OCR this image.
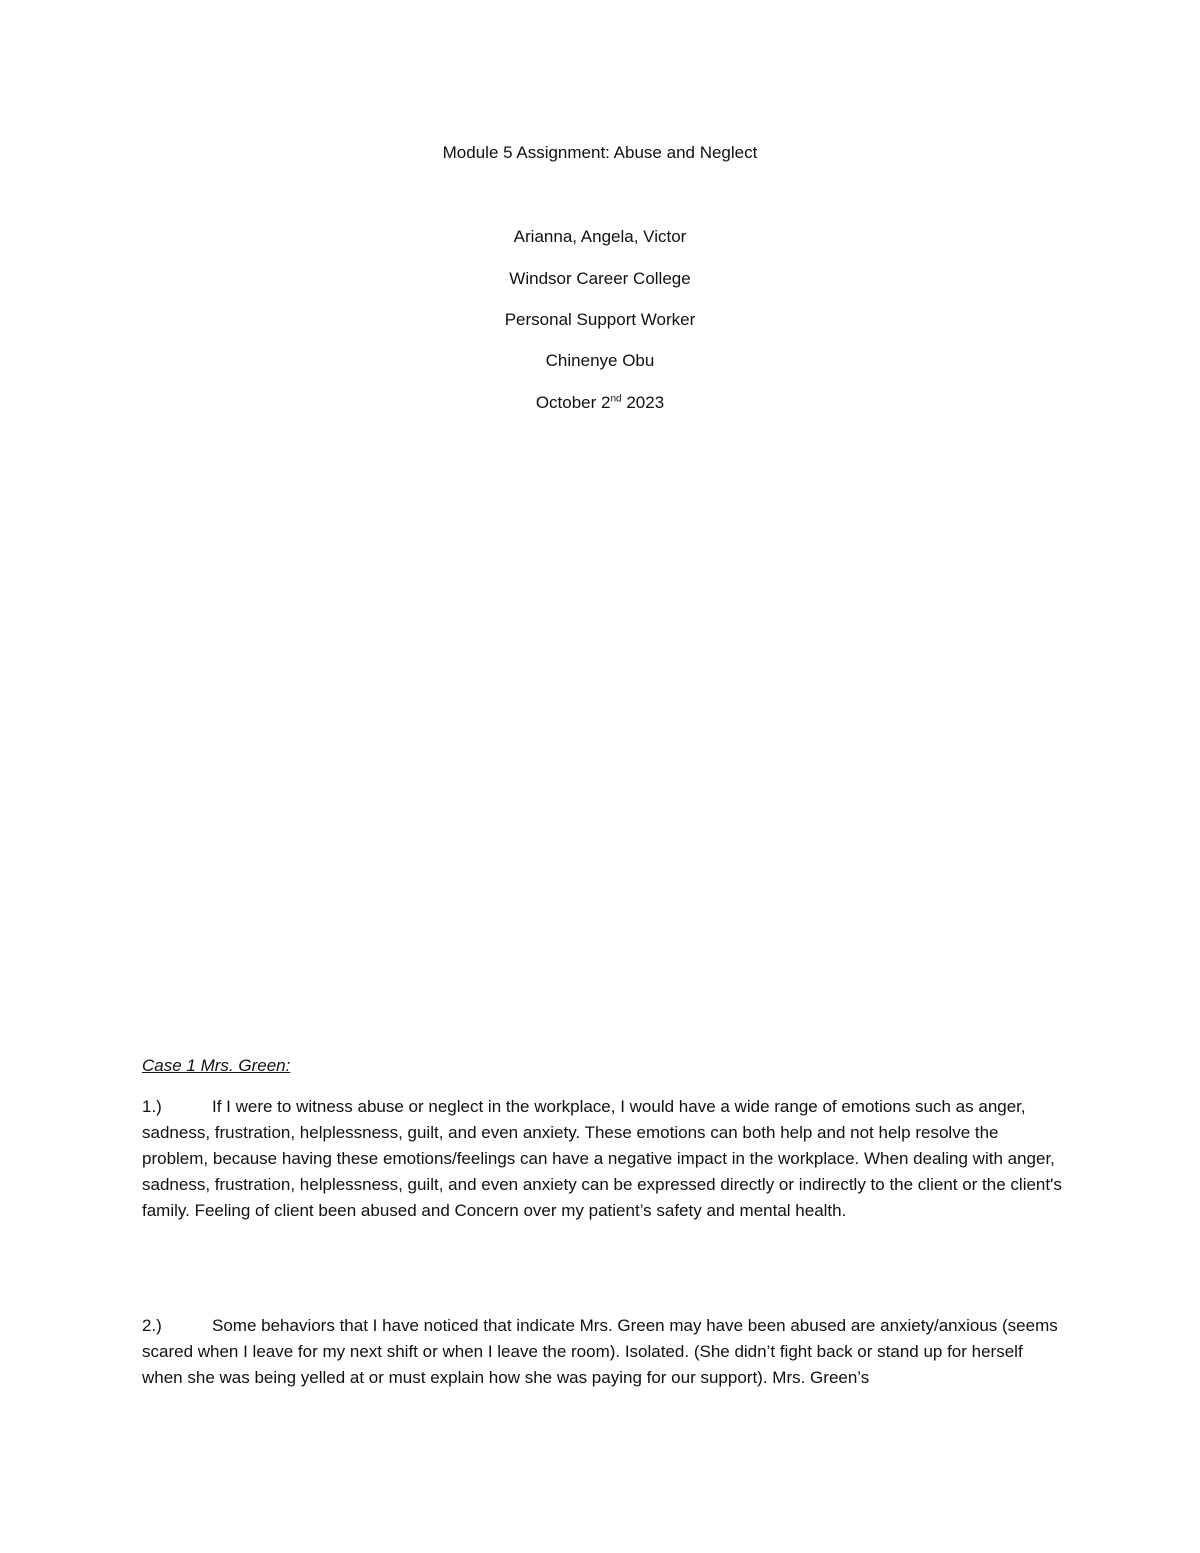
Module 5 Assignment: Abuse and Neglect
Arianna, Angela, Victor
Windsor Career College
Personal Support Worker
Chinenye Obu
October 2nd 2023
Case 1 Mrs. Green:
1.)	If I were to witness abuse or neglect in the workplace, I would have a wide range of emotions such as anger, sadness, frustration, helplessness, guilt, and even anxiety. These emotions can both help and not help resolve the problem, because having these emotions/feelings can have a negative impact in the workplace. When dealing with anger, sadness, frustration, helplessness, guilt, and even anxiety can be expressed directly or indirectly to the client or the client's family. Feeling of client been abused and Concern over my patient’s safety and mental health.
2.)	Some behaviors that I have noticed that indicate Mrs. Green may have been abused are anxiety/anxious (seems scared when I leave for my next shift or when I leave the room). Isolated. (She didn’t fight back or stand up for herself when she was being yelled at or must explain how she was paying for our support). Mrs. Green’s
